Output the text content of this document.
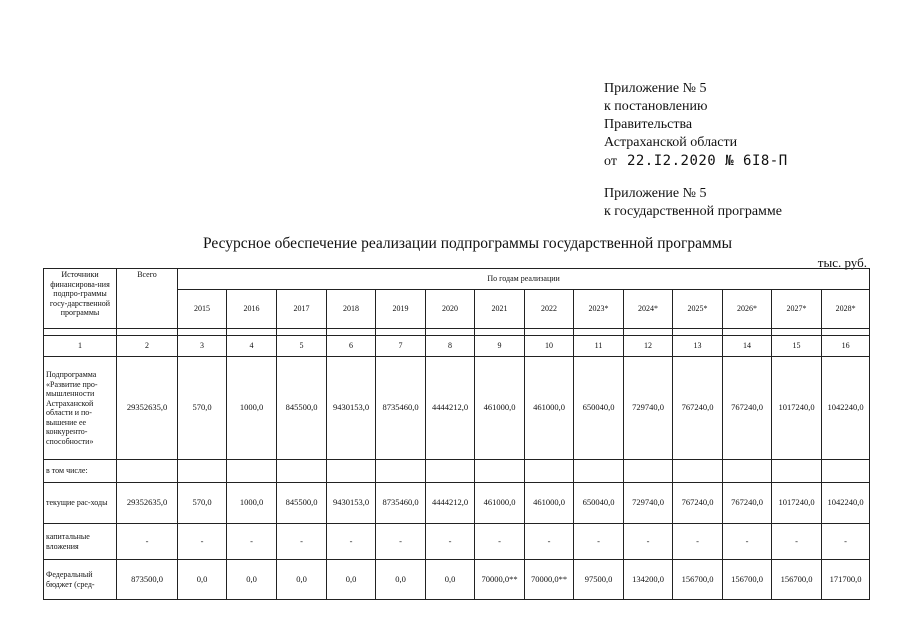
Приложение № 5
к постановлению
Правительства
Астраханской области
от 22.I2.2020 № 6I8-П
Приложение № 5
к государственной программе
Ресурсное обеспечение реализации подпрограммы государственной программы
тыс. руб.
Источники финансирова-ния подпро-граммы госу-дарственной программы	Всего	По годам реализации													
		2015	2016	2017	2018	2019	2020	2021	2022	2023*	2024*	2025*	2026*	2027*	2028*

1	2	3	4	5	6	7	8	9	10	11	12	13	14	15	16
Подпрограмма «Развитие про-мышленности Астраханской области и по-вышение ее конкуренто-способности»	29352635,0	570,0	1000,0	845500,0	9430153,0	8735460,0	4444212,0	461000,0	461000,0	650040,0	729740,0	767240,0	767240,0	1017240,0	1042240,0
в том числе:															
текущие рас-ходы	29352635,0	570,0	1000,0	845500,0	9430153,0	8735460,0	4444212,0	461000,0	461000,0	650040,0	729740,0	767240,0	767240,0	1017240,0	1042240,0
капитальные вложения	-	-	-	-	-	-	-	-	-	-	-	-	-	-	-
Федеральный бюджет (сред-	873500,0	0,0	0,0	0,0	0,0	0,0	0,0	70000,0**	70000,0**	97500,0	134200,0	156700,0	156700,0	156700,0	171700,0
